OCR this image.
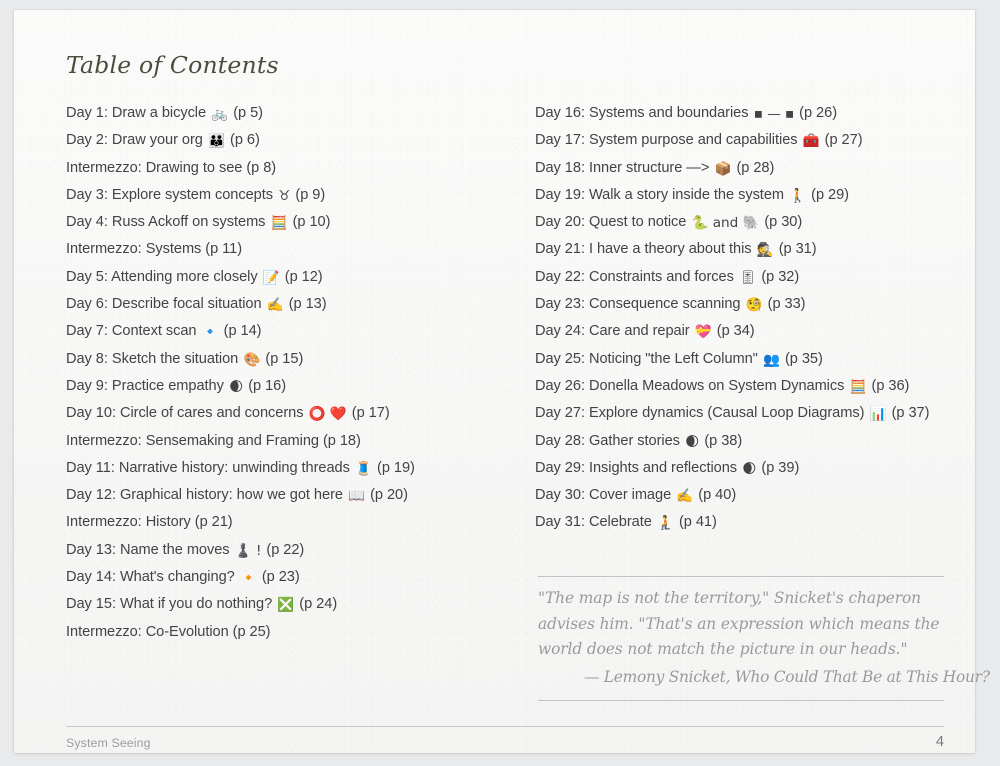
Table of Contents
Day 1: Draw a bicycle 🚲 (p 5)
Day 2: Draw your org 👪 (p 6)
Intermezzo: Drawing to see (p 8)
Day 3: Explore system concepts ♉ (p 9)
Day 4: Russ Ackoff on systems 🧮 (p 10)
Intermezzo: Systems (p 11)
Day 5: Attending more closely 📝 (p 12)
Day 6: Describe focal situation ✍️ (p 13)
Day 7: Context scan 🔹 (p 14)
Day 8: Sketch the situation 🎨 (p 15)
Day 9: Practice empathy 🌒 (p 16)
Day 10: Circle of cares and concerns ⭕ ❤️ (p 17)
Intermezzo: Sensemaking and Framing (p 18)
Day 11: Narrative history: unwinding threads 🧵 (p 19)
Day 12: Graphical history: how we got here 📖 (p 20)
Intermezzo: History (p 21)
Day 13: Name the moves ♟️ ! (p 22)
Day 14: What's changing? 🔸 (p 23)
Day 15: What if you do nothing? ❎ (p 24)
Intermezzo: Co-Evolution (p 25)
Day 16: Systems and boundaries ▪ — ▪ (p 26)
Day 17: System purpose and capabilities 🧰 (p 27)
Day 18: Inner structure —> 📦 (p 28)
Day 19: Walk a story inside the system 🚶 (p 29)
Day 20: Quest to notice 🐍 and 🐘 (p 30)
Day 21: I have a theory about this 🕵️ (p 31)
Day 22: Constraints and forces 🎚 (p 32)
Day 23: Consequence scanning 🧐 (p 33)
Day 24: Care and repair 💝 (p 34)
Day 25: Noticing "the Left Column" 👥 (p 35)
Day 26: Donella Meadows on System Dynamics 🧮 (p 36)
Day 27: Explore dynamics (Causal Loop Diagrams) 📊 (p 37)
Day 28: Gather stories 🌒 (p 38)
Day 29: Insights and reflections 🌒 (p 39)
Day 30: Cover image ✍️ (p 40)
Day 31: Celebrate 🧎 (p 41)
"The map is not the territory," Snicket's chaperon advises him. "That's an expression which means the world does not match the picture in our heads."
— Lemony Snicket, Who Could That Be at This Hour?
System Seeing	4
